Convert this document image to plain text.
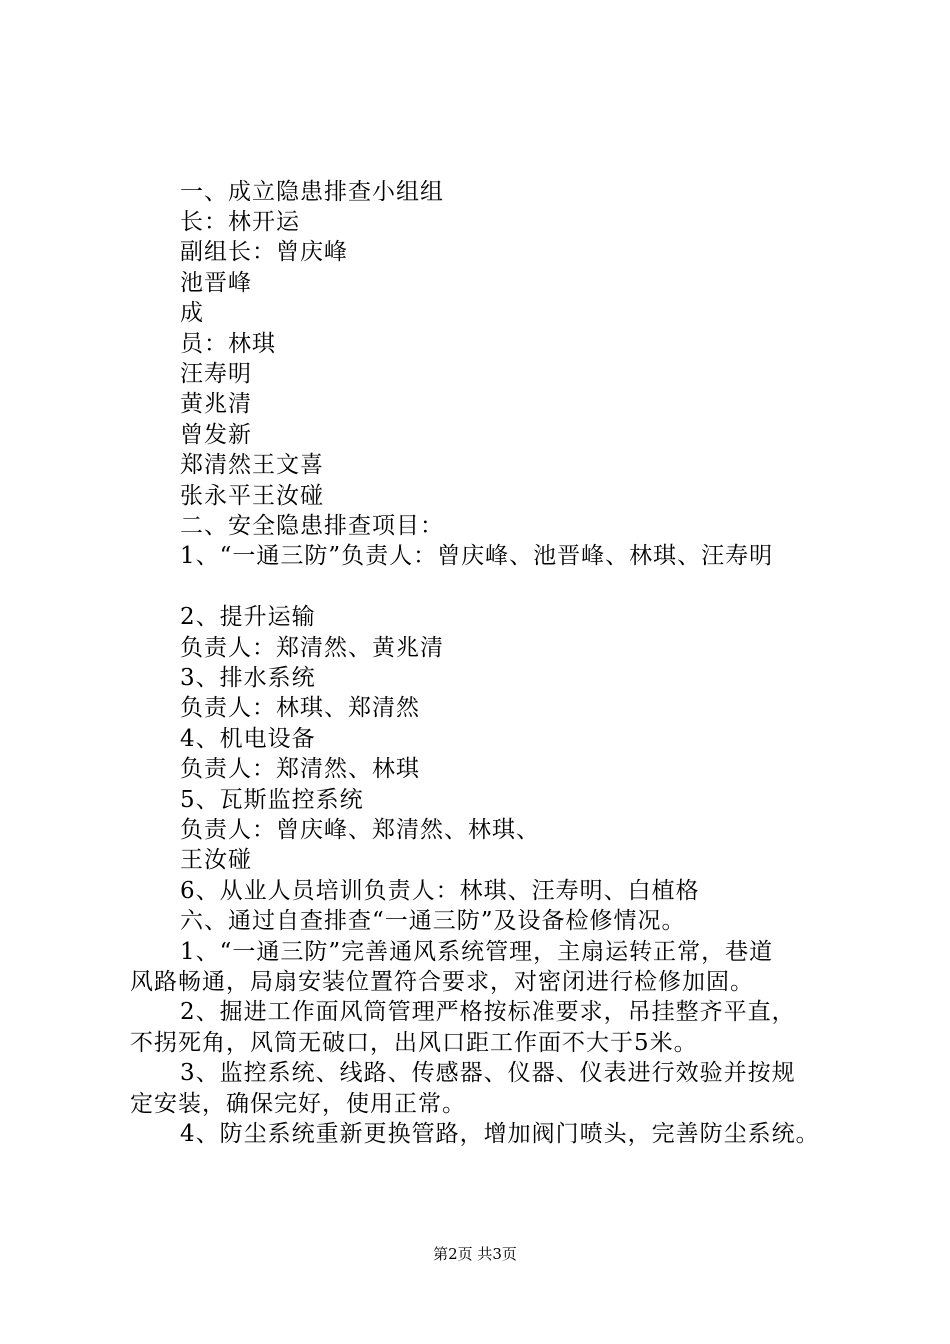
一、成立隐患排查小组组
长：林开运
副组长：曾庆峰
池晋峰
成
员：林琪
汪寿明
黄兆清
曾发新
郑清然王文喜
张永平王汝碰
二、安全隐患排查项目：
1、“一通三防”负责人：曾庆峰、池晋峰、林琪、汪寿明
2、提升运输
负责人：郑清然、黄兆清
3、排水系统
负责人：林琪、郑清然
4、机电设备
负责人：郑清然、林琪
5、瓦斯监控系统
负责人：曾庆峰、郑清然、林琪、
王汝碰
6、从业人员培训负责人：林琪、汪寿明、白植格
六、通过自查排查“一通三防”及设备检修情况。
1、“一通三防”完善通风系统管理，主扇运转正常，巷道
风路畅通，局扇安装位置符合要求，对密闭进行检修加固。
2、掘进工作面风筒管理严格按标准要求，吊挂整齐平直，
不拐死角，风筒无破口，出风口距工作面不大于5米。
3、监控系统、线路、传感器、仪器、仪表进行效验并按规
定安装，确保完好，使用正常。
4、防尘系统重新更换管路，增加阀门喷头，完善防尘系统。
第2页 共3页
